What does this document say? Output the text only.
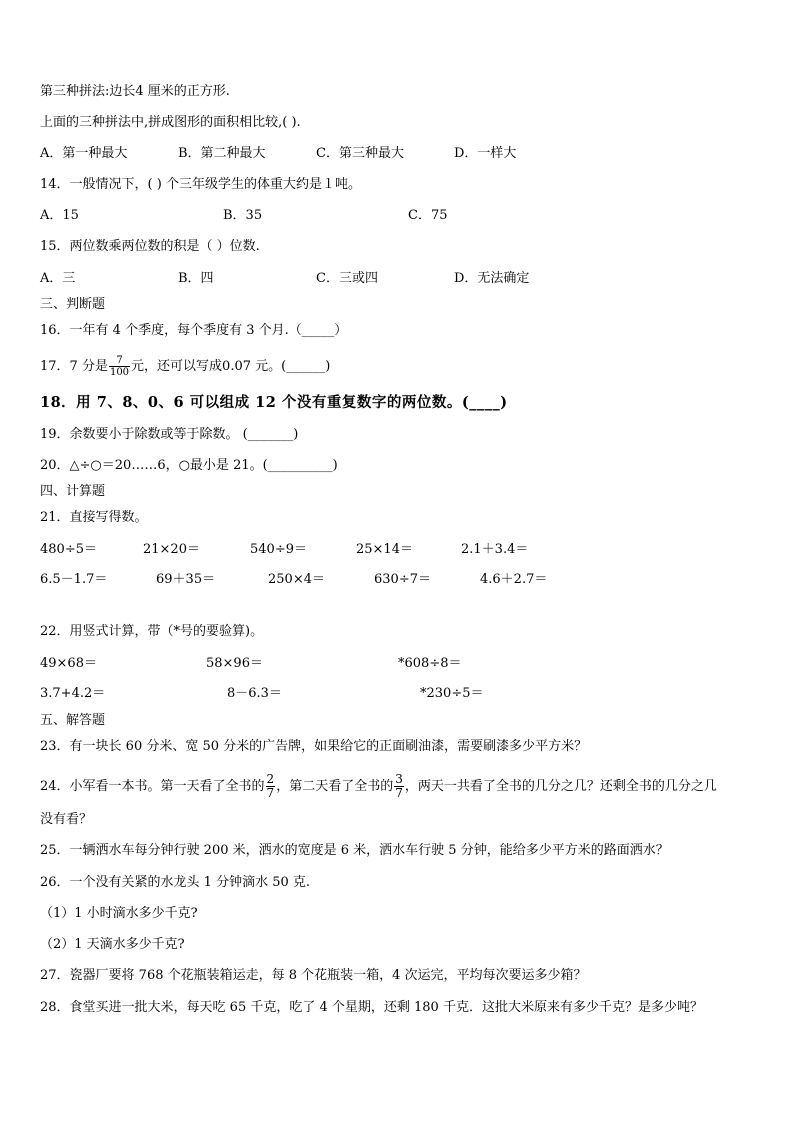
第三种拼法:边长4 厘米的正方形.
上面的三种拼法中,拼成图形的面积相比较,( ).
A．第一种最大	B．第二种最大	C．第三种最大	D．一样大
14．一般情况下，( ) 个三年级学生的体重大约是１吨。
A．15	B．35	C．75
15．两位数乘两位数的积是（ ）位数.
A．三	B．四	C．三或四	D．无法确定
三、判断题
16．一年有 4 个季度，每个季度有 3 个月.（_____）
17．7 分是 $\frac{7}{100}$ 元，还可以写成0.07 元。(______)
18．用 7、8、0、6 可以组成 12 个没有重复数字的两位数。(____)
19．余数要小于除数或等于除数。 (_______)
20．△÷○＝20……6，○最小是 21。(__________)
四、计算题
21．直接写得数。
480÷5＝	21×20＝	540÷9＝	25×14＝	2.1＋3.4＝
6.5－1.7＝	69＋35＝	250×4＝	630÷7＝	4.6＋2.7＝
22．用竖式计算，带（*号的要验算)。
49×68＝	58×96＝	*608÷8＝
3.7+4.2＝	8－6.3＝	*230÷5＝
五、解答题
23．有一块长 60 分米、宽 50 分米的广告牌，如果给它的正面刷油漆，需要刷漆多少平方米？
24．小军看一本书。第一天看了全书的 $\frac{2}{7}$ ，第二天看了全书的 $\frac{3}{7}$ ，两天一共看了全书的几分之几？还剩全书的几分之几
没有看？
25．一辆洒水车每分钟行驶 200 米，洒水的宽度是 6 米，洒水车行驶 5 分钟，能给多少平方米的路面洒水？
26．一个没有关紧的水龙头 1 分钟滴水 50 克.
（1）1 小时滴水多少千克?
（2）1 天滴水多少千克?
27．瓷器厂要将 768 个花瓶装箱运走，每 8 个花瓶装一箱，4 次运完，平均每次要运多少箱？
28．食堂买进一批大米，每天吃 65 千克，吃了 4 个星期，还剩 180 千克．这批大米原来有多少千克？是多少吨？
